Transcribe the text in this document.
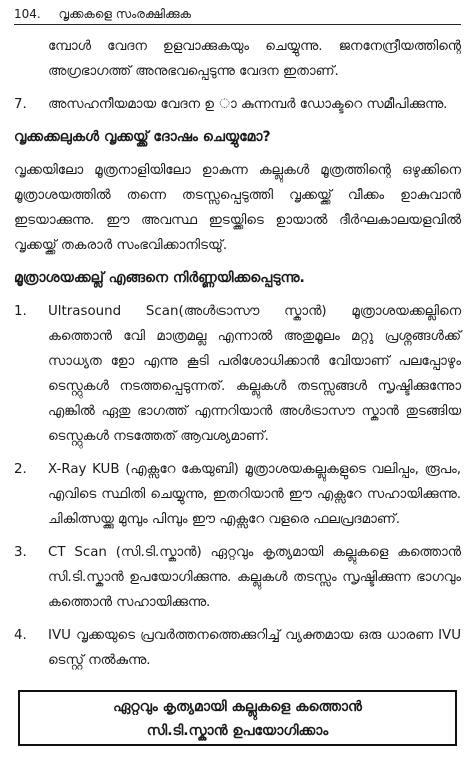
104. വൃക്കകളെ സംരക്ഷിക്കുക

മ്പോൾ വേദന ഉളവാക്കുകയും ചെയ്യുന്നു. ജനനേന്ദ്രീയത്തിന്റെ അഗ്രഭാഗത്ത് അനുഭവപ്പെടുന്നു വേദന ഇതാണ്.

7.	അസഹനീയമായ വേദന ഉ ാ കുന്നമ്പർ ഡോക്ടറെ സമീപിക്കുന്നു.
വൃക്കക്കലുകൾ വൃക്കയ്ക്ക് ദോഷം ചെയ്യുമോ?

വൃക്കയിലോ മൂത്രനാളിയിലോ ഉാകുന്ന കല്ലുകൾ മൂത്രത്തിന്റെ ഒഴുക്കിനെ മൂത്രാശയത്തിൽ തന്നെ തടസ്സപ്പെടുത്തി വൃക്കയ്ക്ക് വീക്കം ഉാകുവാൻ ഇടയാക്കുന്നു. ഈ അവസ്ഥ ഇടയ്ക്കിടെ ഉായാൽ ദീർഘകാലയളവിൽ വൃക്കയ്ക്ക് തകരാർ സംഭവിക്കാനിടയു്.

മൂത്രാശയക്കല്ല് എങ്ങനെ നിർണ്ണയിക്കപ്പെടുന്നു.
1.	Ultrasound Scan(അൾട്രാസൗ സ്കാൻ) മൂത്രാശയക്കല്ലിനെ കത്തൊൻ വേി മാത്രമല്ല എന്നാൽ അതുമൂലം മറ്റു പ്രശ്നങ്ങൾക്ക് സാധ്യത ഉോ എന്നു കൂടി പരിശോധിക്കാൻ വേിയാണ് പലപ്പോഴും ടെസ്റ്റുകൾ നടത്തപ്പെടുന്നത്. കല്ലുകൾ തടസ്സങ്ങൾ സൃഷ്ടിക്കുന്നുോ എങ്കിൽ ഏതു ഭാഗത്ത് എന്നറിയാൻ അൾട്രാസൗ സ്കാൻ തുടങ്ങിയ ടെസ്റ്റുകൾ നടത്തേത് ആവശ്യമാണ്.
2.	X-Ray KUB (എക്സറേ കേയുബി) മൂത്രാശയകല്ലുകളുടെ വലിപ്പം, രൂപം, എവിടെ സ്ഥിതി ചെയ്യുന്നു, ഇതറിയാൻ ഈ എക്സറേ സഹായിക്കുന്നു. ചികിത്സയ്ക്കു മുമ്പും പിമ്പും ഈ എക്സറേ വളരെ ഫലപ്രദമാണ്.
3.	CT Scan (സി.ടി.സ്കാൻ) ഏറ്റവും കൃത്യമായി കല്ലുകളെ കത്തൊൻ സി.ടി.സ്കാൻ ഉപയോഗിക്കുന്നു. കല്ലുകൾ തടസ്സം സൃഷ്ടിക്കുന്ന ഭാഗവും കത്തൊൻ സഹായിക്കുന്നു.
4.	IVU വൃക്കയുടെ പ്രവർത്തനത്തെക്കുറിച്ച് വ്യക്തമായ ഒരു ധാരണ IVU ടെസ്റ്റ് നൽകുന്നു.
ഏറ്റവും കൃത്യമായി കല്ലുകളെ കത്തൊൻ
സി.ടി.സ്കാൻ ഉപയോഗിക്കാം
